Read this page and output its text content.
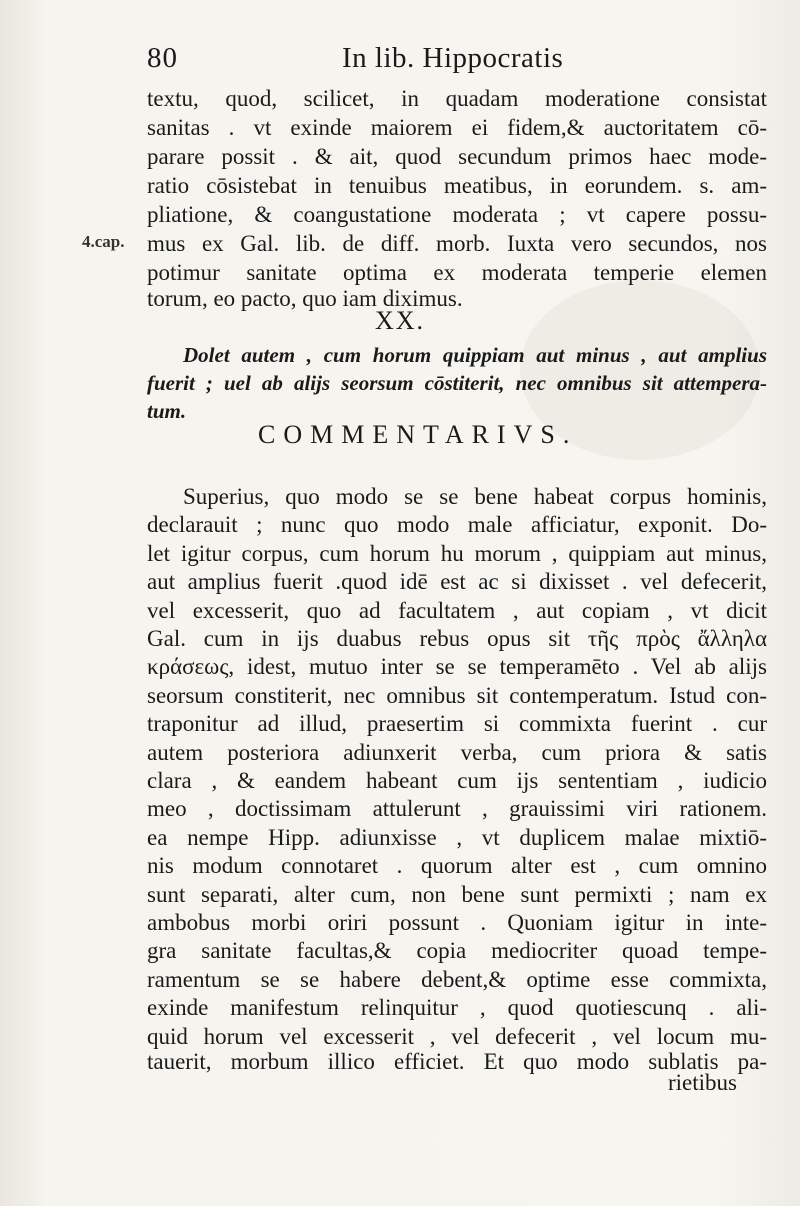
80	In lib. Hippocratis
4.cap.
textu, quod, scilicet, in quadam moderatione consistat
sanitas . vt exinde maiorem ei fidem,& auctoritatem cō-
parare possit . & ait, quod secundum primos haec mode-
ratio cōsistebat in tenuibus meatibus, in eorundem. s. am-
pliatione, & coangustatione moderata ; vt capere possu-
mus ex Gal. lib. de diff. morb. Iuxta vero secundos, nos
potimur sanitate optima ex moderata temperie elemen
torum, eo pacto, quo iam diximus.
XX.
Dolet autem , cum horum quippiam aut minus , aut amplius
fuerit ; uel ab alijs seorsum cōstiterit, nec omnibus sit attempera-
tum.
COMMENTARIVS.
Superius, quo modo se se bene habeat corpus hominis,
declarauit ; nunc quo modo male afficiatur, exponit. Do-
let igitur corpus, cum horum hu morum , quippiam aut minus,
aut amplius fuerit .quod idē est ac si dixisset . vel defecerit,
vel excesserit, quo ad facultatem , aut copiam , vt dicit
Gal. cum in ijs duabus rebus opus sit τῆς πρὸς ἄλληλα
κράσεως, idest, mutuo inter se se temperamēto . Vel ab alijs
seorsum constiterit, nec omnibus sit contemperatum. Istud con-
traponitur ad illud, praesertim si commixta fuerint . cur
autem posteriora adiunxerit verba, cum priora & satis
clara , & eandem habeant cum ijs sententiam , iudicio
meo , doctissimam attulerunt , grauissimi viri rationem.
ea nempe Hipp. adiunxisse , vt duplicem malae mixtiō-
nis modum connotaret . quorum alter est , cum omnino
sunt separati, alter cum, non bene sunt permixti ; nam ex
ambobus morbi oriri possunt . Quoniam igitur in inte-
gra sanitate facultas,& copia mediocriter quoad tempe-
ramentum se se habere debent,& optime esse commixta,
exinde manifestum relinquitur , quod quotiescunq . ali-
quid horum vel excesserit , vel defecerit , vel locum mu-
tauerit, morbum illico efficiet. Et quo modo sublatis pa-
rietibus
